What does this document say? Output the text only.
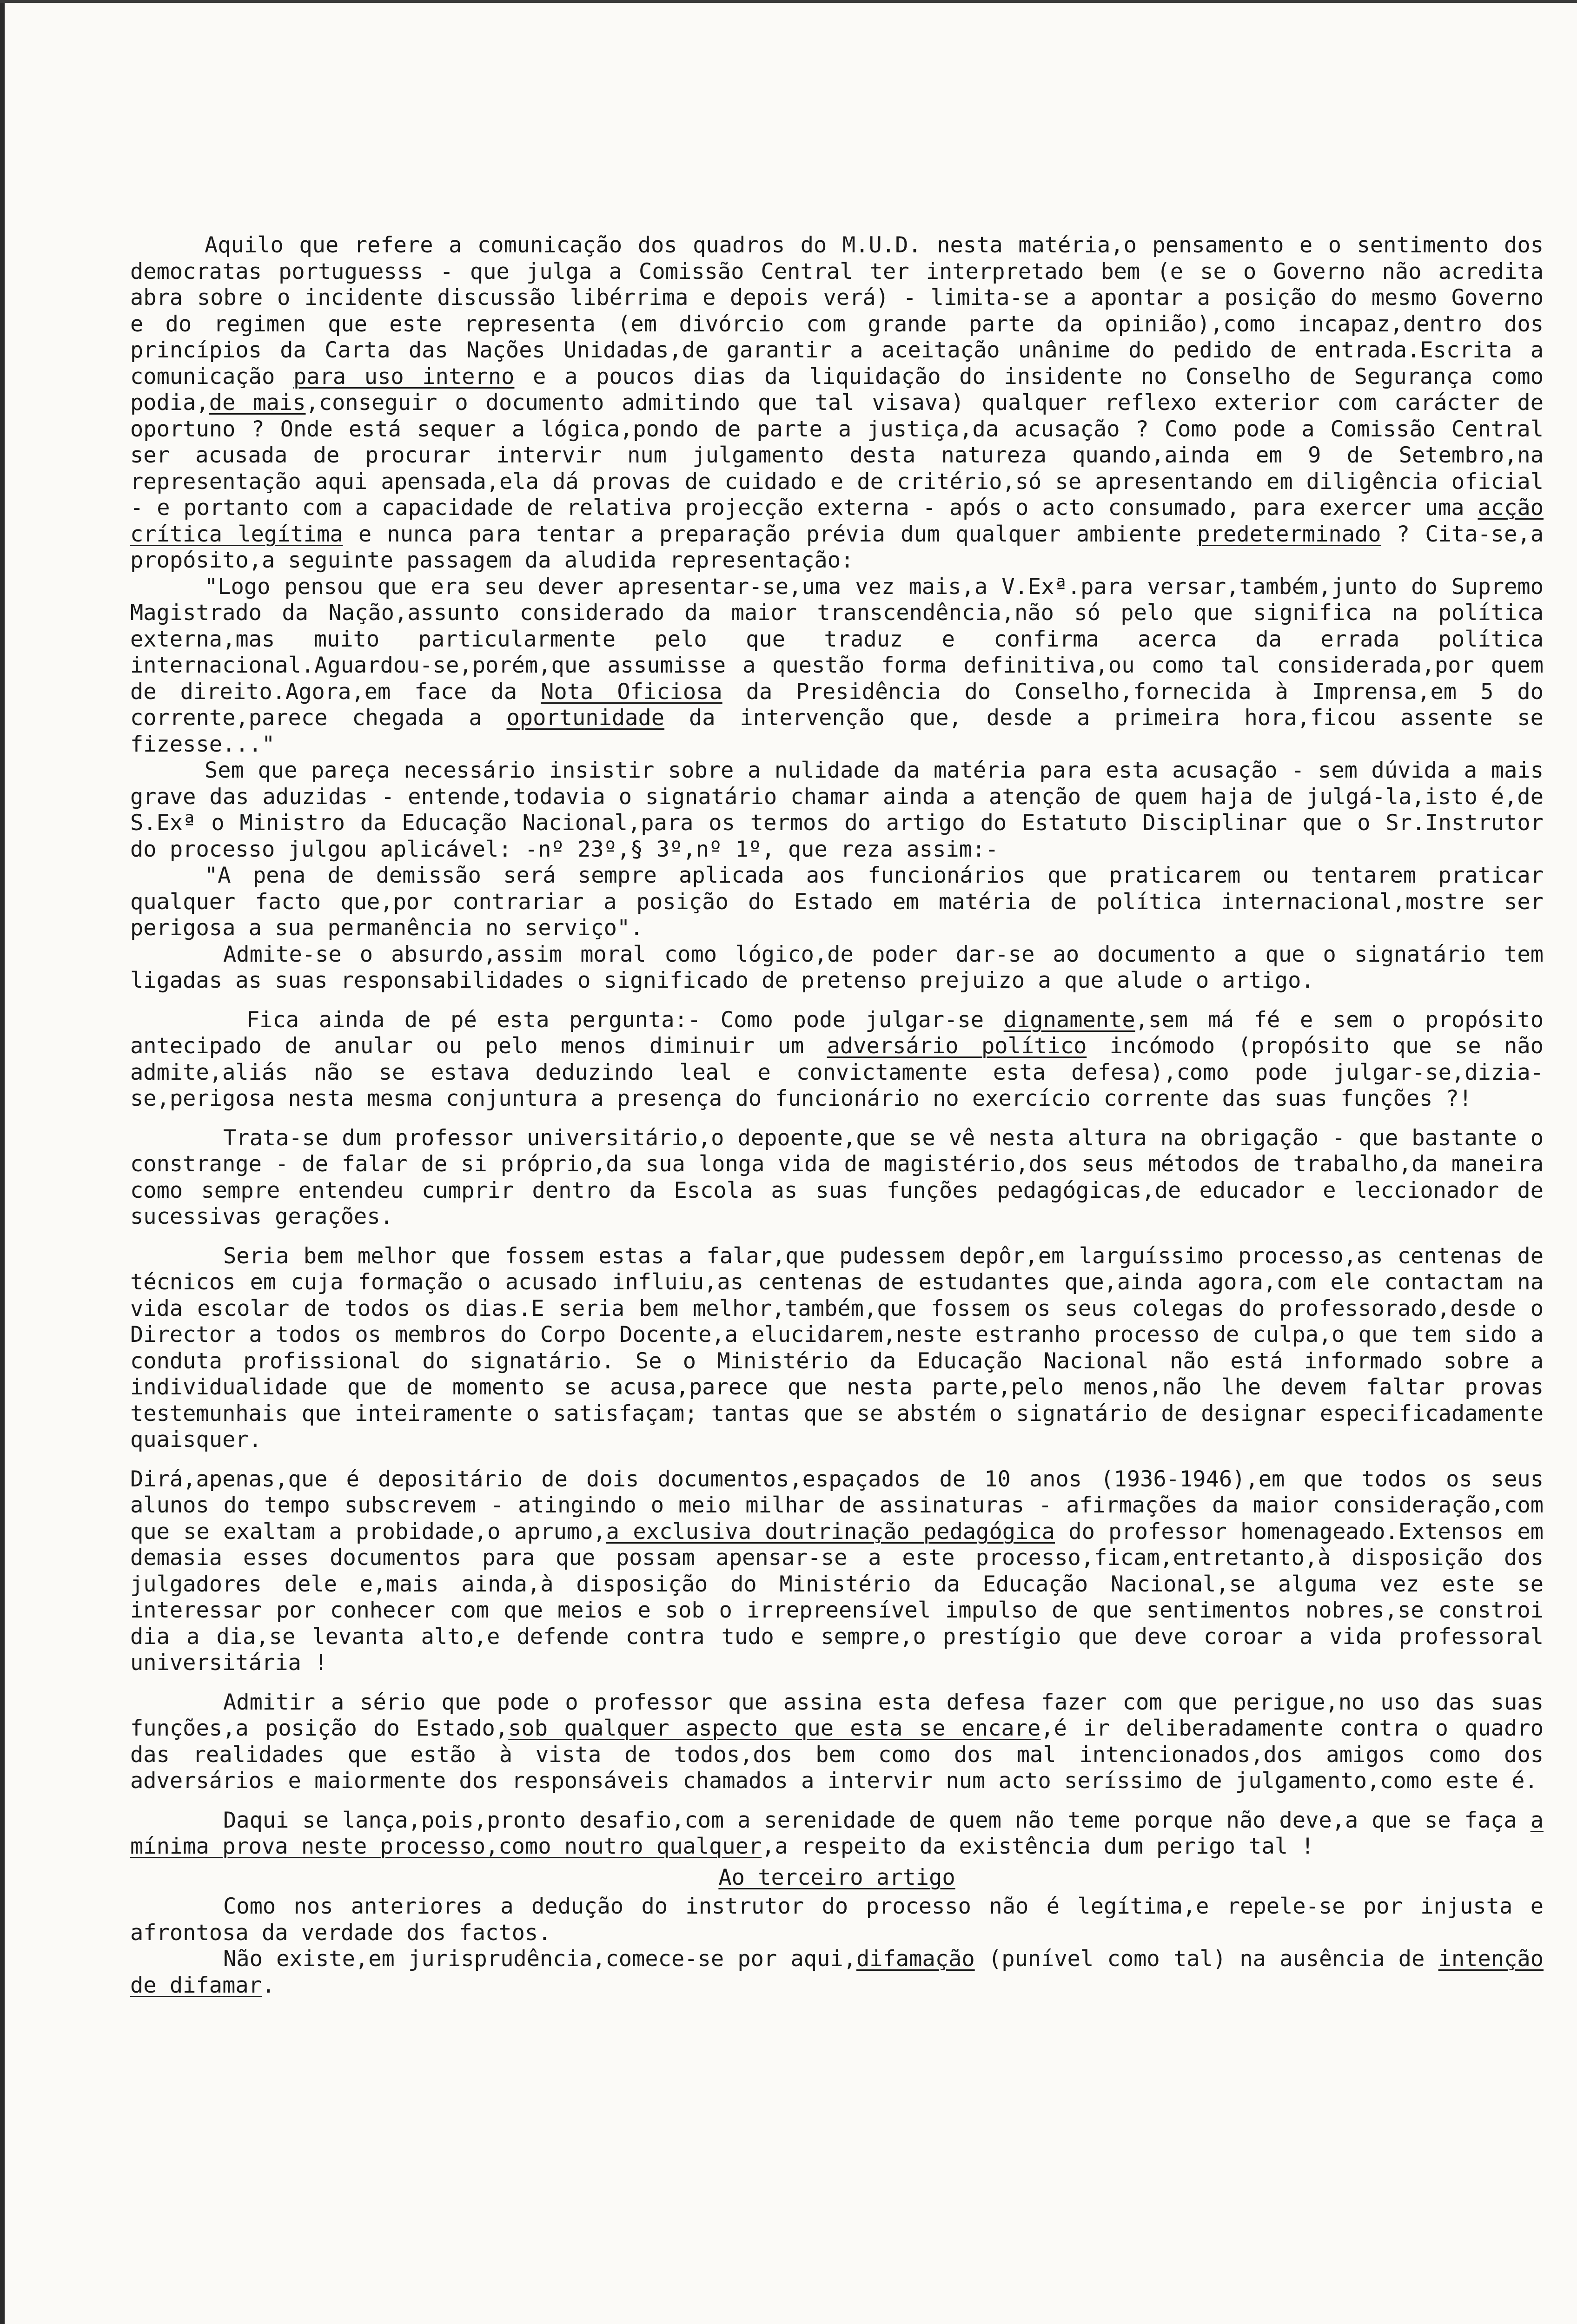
Aquilo que refere a comunicação dos quadros do M.U.D. nesta matéria,o pensamento e o sentimento dos democratas portuguesss - que julga a Comissão Central ter interpretado bem (e se o Governo não acredita abra sobre o incidente discussão libérrima e depois verá) - limita-se a apontar a posição do mesmo Governo e do regimen que este representa (em divórcio com grande parte da opinião),como incapaz,dentro dos princípios da Carta das Nações Unidadas,de garantir a aceitação unânime do pedido de entrada.Escrita a comunicação para uso interno e a poucos dias da liquidação do insidente no Conselho de Segurança como podia,de mais,conseguir o documento admitindo que tal visava) qualquer reflexo exterior com carácter de oportuno ? Onde está sequer a lógica,pondo de parte a justiça,da acusação ? Como pode a Comissão Central ser acusada de procurar intervir num julgamento desta natureza quando,ainda em 9 de Setembro,na representação aqui apensada,ela dá provas de cuidado e de critério,só se apresentando em diligência oficial - e portanto com a capacidade de relativa projecção externa - após o acto consumado, para exercer uma acção crítica legítima e nunca para tentar a preparação prévia dum qualquer ambiente predeterminado ? Cita-se,a propósito,a seguinte passagem da aludida representação:

"Logo pensou que era seu dever apresentar-se,uma vez mais,a V.Exª.para versar,também,junto do Supremo Magistrado da Nação,assunto considerado da maior transcendência,não só pelo que significa na política externa,mas muito particularmente pelo que traduz e confirma acerca da errada política internacional.Aguardou-se,porém,que assumisse a questão forma definitiva,ou como tal considerada,por quem de direito.Agora,em face da Nota Oficiosa da Presidência do Conselho,fornecida à Imprensa,em 5 do corrente,parece chegada a oportunidade da intervenção que, desde a primeira hora,ficou assente se fizesse..."

Sem que pareça necessário insistir sobre a nulidade da matéria para esta acusação - sem dúvida a mais grave das aduzidas - entende,todavia o signatário chamar ainda a atenção de quem haja de julgá-la,isto é,de S.Exª o Ministro da Educação Nacional,para os termos do artigo do Estatuto Disciplinar que o Sr.Instrutor do processo julgou aplicável: -nº 23º,§ 3º,nº 1º, que reza assim:-

"A pena de demissão será sempre aplicada aos funcionários que praticarem ou tentarem praticar qualquer facto que,por contrariar a posição do Estado em matéria de política internacional,mostre ser perigosa a sua permanência no serviço".

Admite-se o absurdo,assim moral como lógico,de poder dar-se ao documento a que o signatário tem ligadas as suas responsabilidades o significado de pretenso prejuizo a que alude o artigo.

Fica ainda de pé esta pergunta:- Como pode julgar-se dignamente,sem má fé e sem o propósito antecipado de anular ou pelo menos diminuir um adversário político incómodo (propósito que se não admite,aliás não se estava deduzindo leal e convictamente esta defesa),como pode julgar-se,dizia-se,perigosa nesta mesma conjuntura a presença do funcionário no exercício corrente das suas funções ?!

Trata-se dum professor universitário,o depoente,que se vê nesta altura na obrigação - que bastante o constrange - de falar de si próprio,da sua longa vida de magistério,dos seus métodos de trabalho,da maneira como sempre entendeu cumprir dentro da Escola as suas funções pedagógicas,de educador e leccionador de sucessivas gerações.

Seria bem melhor que fossem estas a falar,que pudessem depôr,em larguíssimo processo,as centenas de técnicos em cuja formação o acusado influiu,as centenas de estudantes que,ainda agora,com ele contactam na vida escolar de todos os dias.E seria bem melhor,também,que fossem os seus colegas do professorado,desde o Director a todos os membros do Corpo Docente,a elucidarem,neste estranho processo de culpa,o que tem sido a conduta profissional do signatário. Se o Ministério da Educação Nacional não está informado sobre a individualidade que de momento se acusa,parece que nesta parte,pelo menos,não lhe devem faltar provas testemunhais que inteiramente o satisfaçam; tantas que se abstém o signatário de designar especificadamente quaisquer.

Dirá,apenas,que é depositário de dois documentos,espaçados de 10 anos (1936-1946),em que todos os seus alunos do tempo subscrevem - atingindo o meio milhar de assinaturas - afirmações da maior consideração,com que se exaltam a probidade,o aprumo,a exclusiva doutrinação pedagógica do professor homenageado.Extensos em demasia esses documentos para que possam apensar-se a este processo,ficam,entretanto,à disposição dos julgadores dele e,mais ainda,à disposição do Ministério da Educação Nacional,se alguma vez este se interessar por conhecer com que meios e sob o irrepreensível impulso de que sentimentos nobres,se constroi dia a dia,se levanta alto,e defende contra tudo e sempre,o prestígio que deve coroar a vida professoral universitária !

Admitir a sério que pode o professor que assina esta defesa fazer com que perigue,no uso das suas funções,a posição do Estado,sob qualquer aspecto que esta se encare,é ir deliberadamente contra o quadro das realidades que estão à vista de todos,dos bem como dos mal intencionados,dos amigos como dos adversários e maiormente dos responsáveis chamados a intervir num acto seríssimo de julgamento,como este é.

Daqui se lança,pois,pronto desafio,com a serenidade de quem não teme porque não deve,a que se faça a mínima prova neste processo,como noutro qualquer,a respeito da existência dum perigo tal !

Ao terceiro artigo

Como nos anteriores a dedução do instrutor do processo não é legítima,e repele-se por injusta e afrontosa da verdade dos factos.

Não existe,em jurisprudência,comece-se por aqui,difamação (punível como tal) na ausência de intenção de difamar.
